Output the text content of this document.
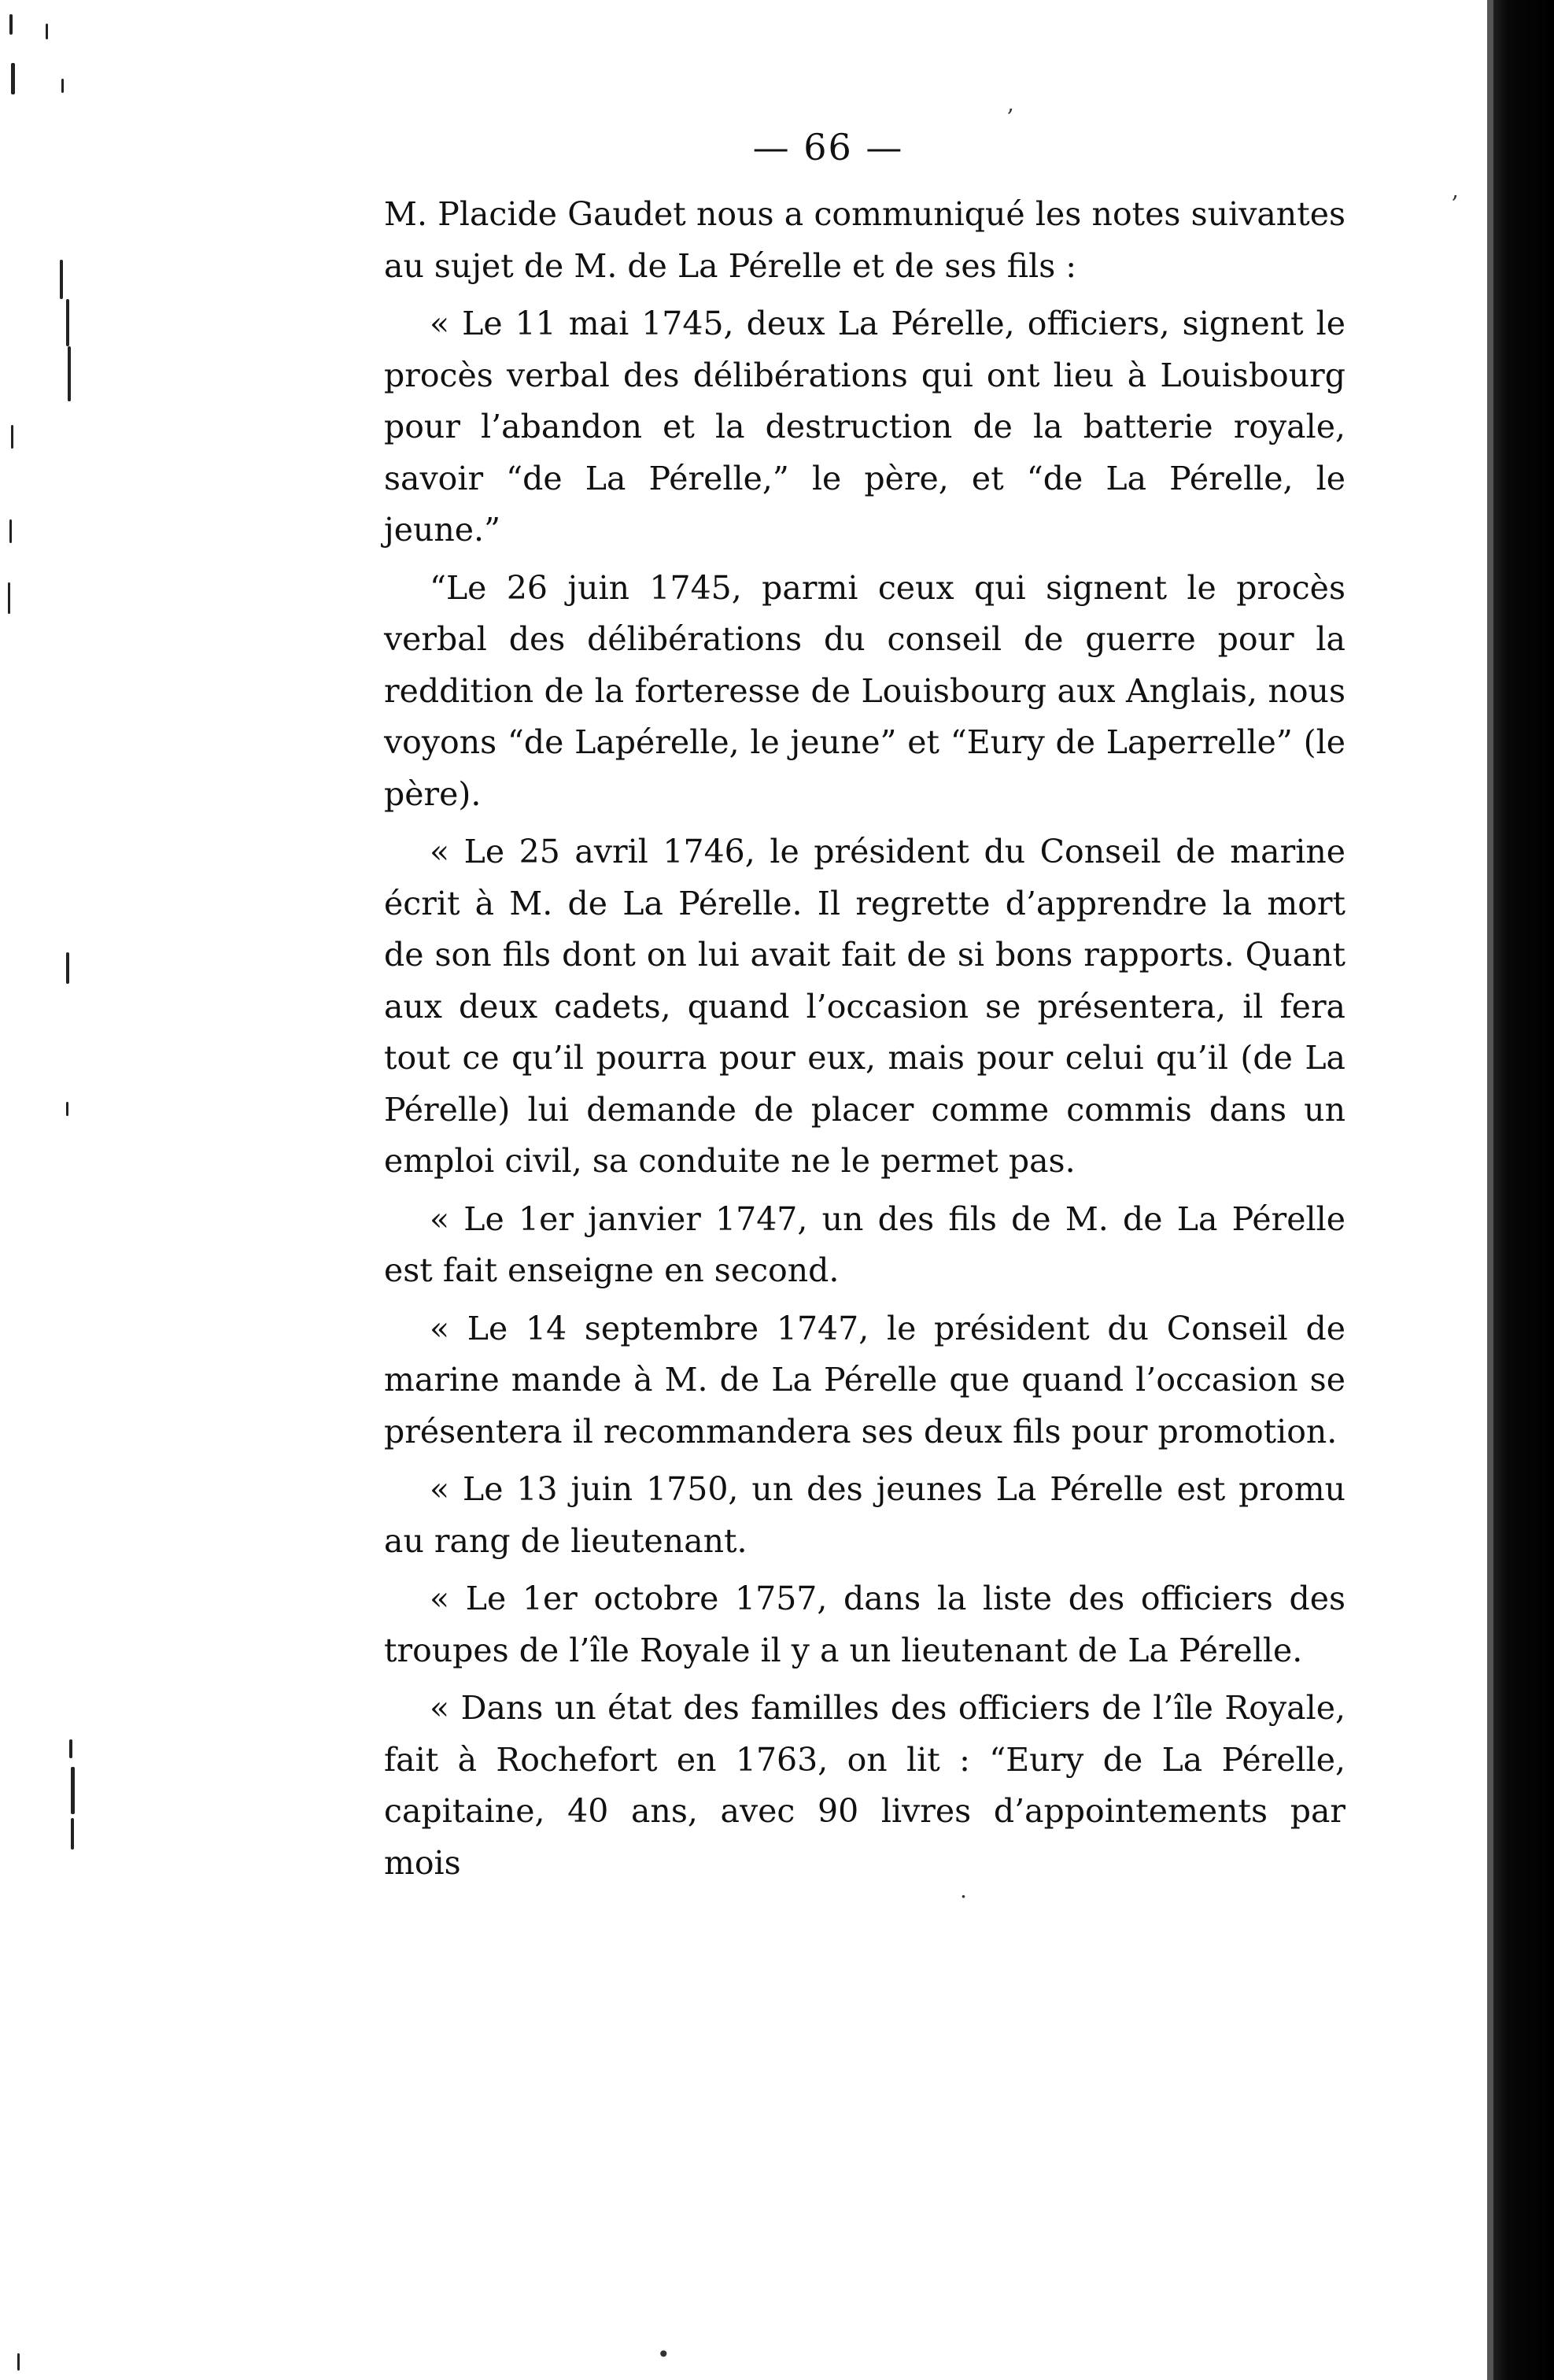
,
,
.
•
— 66 —

M. Placide Gaudet nous a communiqué les notes suivantes au sujet de M. de La Pérelle et de ses fils :

« Le 11 mai 1745, deux La Pérelle, officiers, signent le procès verbal des délibérations qui ont lieu à Louisbourg pour l’abandon et la destruction de la batterie royale, savoir “de La Pérelle,” le père, et “de La Pérelle, le jeune.”

“Le 26 juin 1745, parmi ceux qui signent le procès verbal des délibérations du conseil de guerre pour la reddition de la forteresse de Louisbourg aux Anglais, nous voyons “de Lapérelle, le jeune” et “Eury de Laperrelle” (le père).

« Le 25 avril 1746, le président du Conseil de marine écrit à M. de La Pérelle. Il regrette d’apprendre la mort de son fils dont on lui avait fait de si bons rapports. Quant aux deux cadets, quand l’occasion se présentera, il fera tout ce qu’il pourra pour eux, mais pour celui qu’il (de La Pérelle) lui demande de placer comme commis dans un emploi civil, sa conduite ne le permet pas.

« Le 1er janvier 1747, un des fils de M. de La Pérelle est fait enseigne en second.

« Le 14 septembre 1747, le président du Conseil de marine mande à M. de La Pérelle que quand l’occasion se présentera il recommandera ses deux fils pour promotion.

« Le 13 juin 1750, un des jeunes La Pérelle est promu au rang de lieutenant.

« Le 1er octobre 1757, dans la liste des officiers des troupes de l’île Royale il y a un lieutenant de La Pérelle.

« Dans un état des familles des officiers de l’île Royale, fait à Rochefort en 1763, on lit : “Eury de La Pérelle, capitaine, 40 ans, avec 90 livres d’appointements par mois
